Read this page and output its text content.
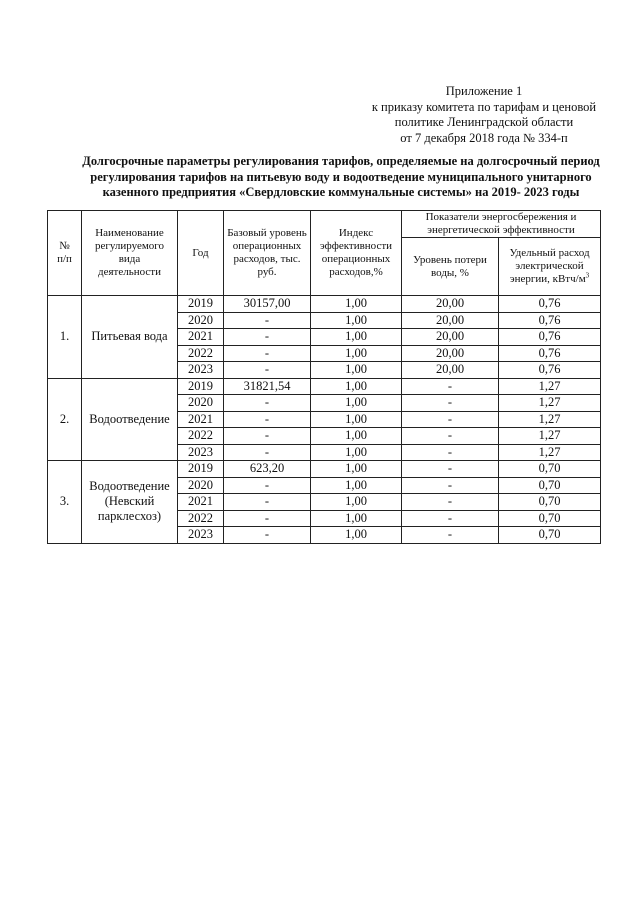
Приложение 1
к приказу комитета по тарифам и ценовой
политике Ленинградской области
от 7 декабря 2018 года № 334-п
Долгосрочные параметры регулирования тарифов, определяемые на долгосрочный период
регулирования тарифов на питьевую воду и водоотведение муниципального унитарного
казенного предприятия «Свердловские коммунальные системы» на 2019- 2023 годы
№
п/п	Наименование регулируемого вида деятельности	Год	Базовый уровень операционных расходов, тыс. руб.	Индекс эффективности операционных расходов,%	Показатели энергосбережения и энергетической эффективности	
					Уровень потери воды, %	Удельный расход электрической энергии, кВтч/$м^3$
1.	Питьевая вода	2019	30157,00	1,00	20,00	0,76
		2020	-	1,00	20,00	0,76
		2021	-	1,00	20,00	0,76
		2022	-	1,00	20,00	0,76
		2023	-	1,00	20,00	0,76
2.	Водоотведение	2019	31821,54	1,00	-	1,27
		2020	-	1,00	-	1,27
		2021	-	1,00	-	1,27
		2022	-	1,00	-	1,27
		2023	-	1,00	-	1,27
3.	Водоотведение
(Невский
парклесхоз)	2019	623,20	1,00	-	0,70
		2020	-	1,00	-	0,70
		2021	-	1,00	-	0,70
		2022	-	1,00	-	0,70
		2023	-	1,00	-	0,70
